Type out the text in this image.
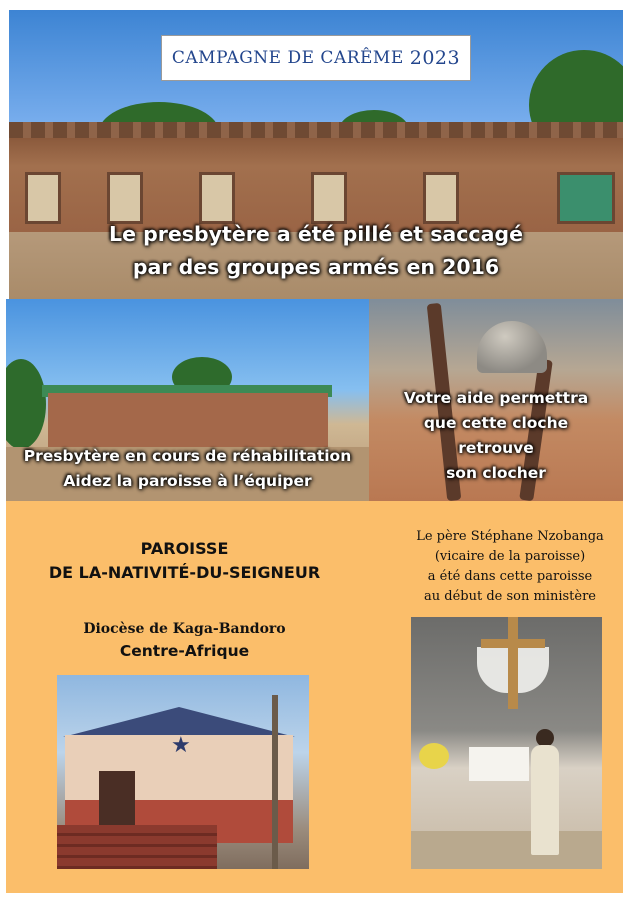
CAMPAGNE DE CARÊME 2023
Le presbytère a été pillé et saccagé
par des groupes armés en 2016
Presbytère en cours de réhabilitation
Aidez la paroisse à l’équiper
Votre aide permettra
que cette cloche
retrouve
son clocher
PAROISSE
DE LA-NATIVITÉ-DU-SEIGNEUR
Diocèse de Kaga-Bandoro
Centre-Afrique
Le père Stéphane Nzobanga
(vicaire de la paroisse)
a été dans cette paroisse
au début de son ministère
★
